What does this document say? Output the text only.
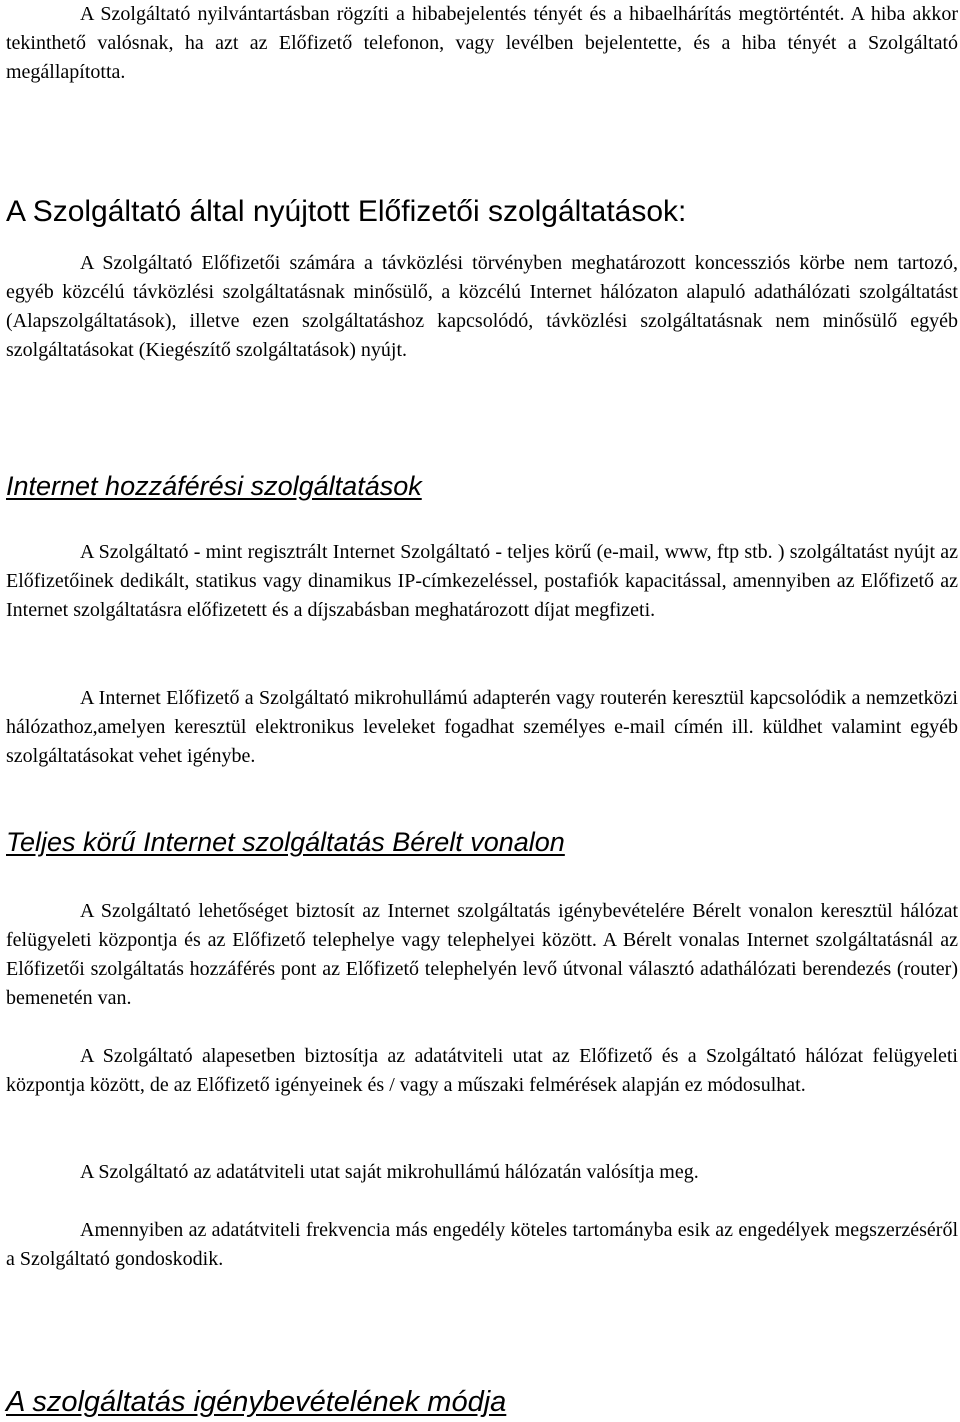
A Szolgáltató nyilvántartásban rögzíti a hibabejelentés tényét és a hibaelhárítás megtörténtét. A hiba akkor tekinthető valósnak, ha azt az Előfizető telefonon, vagy levélben bejelentette, és a hiba tényét a Szolgáltató megállapította.

A Szolgáltató által nyújtott Előfizetői szolgáltatások:

A Szolgáltató Előfizetői számára a távközlési törvényben meghatározott koncessziós körbe nem tartozó, egyéb közcélú távközlési szolgáltatásnak minősülő, a közcélú Internet hálózaton alapuló adathálózati szolgáltatást (Alapszolgáltatások), illetve ezen szolgáltatáshoz kapcsolódó, távközlési szolgáltatásnak nem minősülő egyéb szolgáltatásokat (Kiegészítő szolgáltatások) nyújt.

Internet hozzáférési szolgáltatások

A Szolgáltató - mint regisztrált Internet Szolgáltató - teljes körű (e-mail, www, ftp stb. ) szolgáltatást nyújt az Előfizetőinek dedikált, statikus vagy dinamikus IP-címkezeléssel, postafiók kapacitással, amennyiben az Előfizető az Internet szolgáltatásra előfizetett és a díjszabásban meghatározott díjat megfizeti.

A Internet Előfizető a Szolgáltató mikrohullámú adapterén vagy routerén keresztül kapcsolódik a nemzetközi hálózathoz,amelyen keresztül elektronikus leveleket fogadhat személyes e-mail címén ill. küldhet valamint egyéb szolgáltatásokat vehet igénybe.

Teljes körű Internet szolgáltatás Bérelt vonalon

A Szolgáltató lehetőséget biztosít az Internet szolgáltatás igénybevételére Bérelt vonalon keresztül hálózat felügyeleti központja és az Előfizető telephelye vagy telephelyei között. A Bérelt vonalas Internet szolgáltatásnál az Előfizetői szolgáltatás hozzáférés pont az Előfizető telephelyén levő útvonal választó adathálózati berendezés (router) bemenetén van.

A Szolgáltató alapesetben biztosítja az adatátviteli utat az Előfizető és a Szolgáltató hálózat felügyeleti központja között, de az Előfizető igényeinek és / vagy a műszaki felmérések alapján ez módosulhat.

A Szolgáltató az adatátviteli utat saját mikrohullámú hálózatán valósítja meg.

Amennyiben az adatátviteli frekvencia más engedély köteles tartományba esik az engedélyek megszerzéséről a Szolgáltató gondoskodik.

A szolgáltatás igénybevételének módja
